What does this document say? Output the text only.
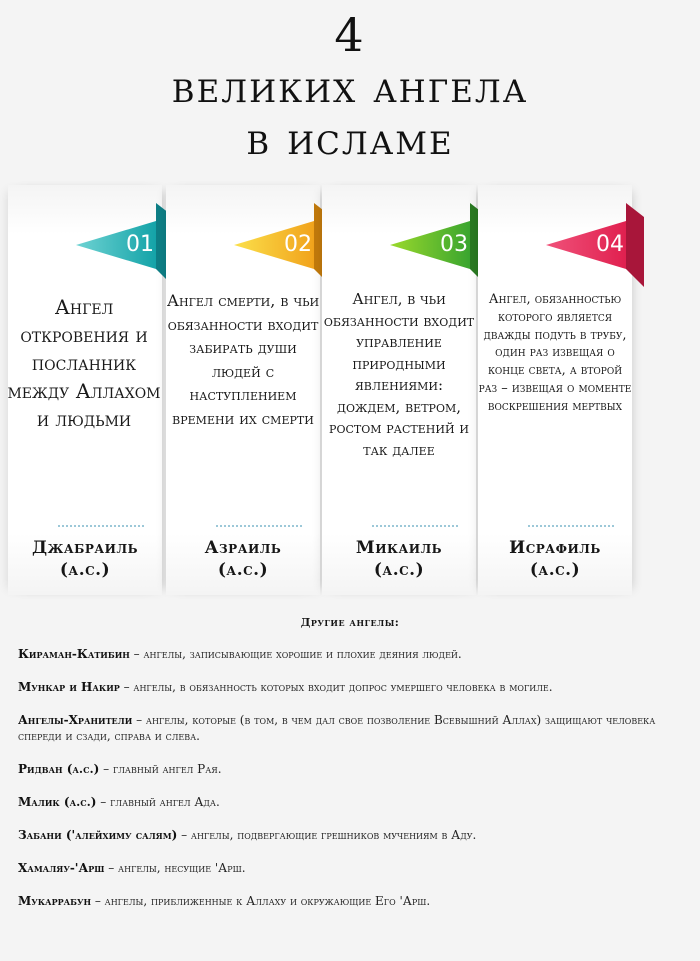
4
великих ангела
в исламе
01
Ангел откровения и посланник между Аллахом и людьми
Джабраиль
(а.с.)
02
Ангел смерти, в чьи обязанности входит забирать души людей с наступлением времени их смерти
Азраиль
(а.с.)
03
Ангел, в чьи обязанности входит управление природными явлениями: дождем, ветром, ростом растений и так далее
Микаиль
(а.с.)
04
Ангел, обязанностью которого является дважды подуть в трубу, один раз извещая о конце света, а второй раз – извещая о моменте воскрешения мертвых
Исрафиль
(а.с.)
Другие ангелы:
Кираман-Катибин – ангелы, записывающие хорошие и плохие деяния людей.
Мункар и Накир – ангелы, в обязанность которых входит допрос умершего человека в могиле.
Ангелы-Хранители – ангелы, которые (в том, в чем дал свое позволение Всевышний Аллах) защищают человека спереди и сзади, справа и слева.
Ридван (а.с.) – главный ангел Рая.
Малик (а.с.) – главный ангел Ада.
Забани ('алейхиму салям) – ангелы, подвергающие грешников мучениям в Аду.
Хамаляу-'Арш – ангелы, несущие 'Арш.
Мукаррабун – ангелы, приближенные к Аллаху и окружающие Его 'Арш.
